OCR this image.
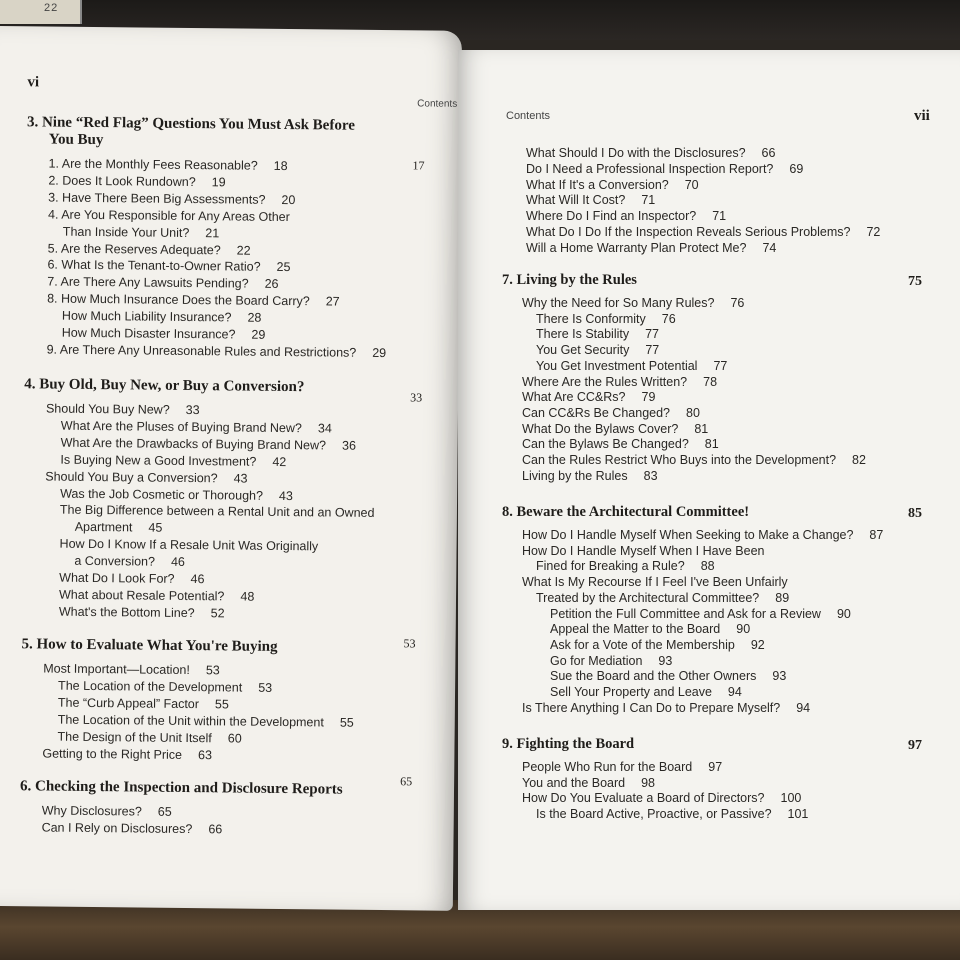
22
vi
Contents
3. Nine “Red Flag” Questions You Must Ask Before
You Buy
17
1. Are the Monthly Fees Reasonable? 18
2. Does It Look Rundown? 19
3. Have There Been Big Assessments? 20
4. Are You Responsible for Any Areas Other
Than Inside Your Unit? 21
5. Are the Reserves Adequate? 22
6. What Is the Tenant-to-Owner Ratio? 25
7. Are There Any Lawsuits Pending? 26
8. How Much Insurance Does the Board Carry? 27
How Much Liability Insurance? 28
How Much Disaster Insurance? 29
9. Are There Any Unreasonable Rules and Restrictions? 29
4. Buy Old, Buy New, or Buy a Conversion?
33
Should You Buy New? 33
What Are the Pluses of Buying Brand New? 34
What Are the Drawbacks of Buying Brand New? 36
Is Buying New a Good Investment? 42
Should You Buy a Conversion? 43
Was the Job Cosmetic or Thorough? 43
The Big Difference between a Rental Unit and an Owned
Apartment 45
How Do I Know If a Resale Unit Was Originally
a Conversion? 46
What Do I Look For? 46
What about Resale Potential? 48
What's the Bottom Line? 52
5. How to Evaluate What You're Buying	53
Most Important—Location! 53
The Location of the Development 53
The “Curb Appeal” Factor 55
The Location of the Unit within the Development 55
The Design of the Unit Itself 60
Getting to the Right Price 63
6. Checking the Inspection and Disclosure Reports	65
Why Disclosures? 65
Can I Rely on Disclosures? 66
Contents	vii
What Should I Do with the Disclosures? 66
Do I Need a Professional Inspection Report? 69
What If It's a Conversion? 70
What Will It Cost? 71
Where Do I Find an Inspector? 71
What Do I Do If the Inspection Reveals Serious Problems? 72
Will a Home Warranty Plan Protect Me? 74
7. Living by the Rules	75
Why the Need for So Many Rules? 76
There Is Conformity 76
There Is Stability 77
You Get Security 77
You Get Investment Potential 77
Where Are the Rules Written? 78
What Are CC&Rs? 79
Can CC&Rs Be Changed? 80
What Do the Bylaws Cover? 81
Can the Bylaws Be Changed? 81
Can the Rules Restrict Who Buys into the Development? 82
Living by the Rules 83
8. Beware the Architectural Committee!	85
How Do I Handle Myself When Seeking to Make a Change? 87
How Do I Handle Myself When I Have Been
Fined for Breaking a Rule? 88
What Is My Recourse If I Feel I've Been Unfairly
Treated by the Architectural Committee? 89
Petition the Full Committee and Ask for a Review 90
Appeal the Matter to the Board 90
Ask for a Vote of the Membership 92
Go for Mediation 93
Sue the Board and the Other Owners 93
Sell Your Property and Leave 94
Is There Anything I Can Do to Prepare Myself? 94
9. Fighting the Board	97
People Who Run for the Board 97
You and the Board 98
How Do You Evaluate a Board of Directors? 100
Is the Board Active, Proactive, or Passive? 101
